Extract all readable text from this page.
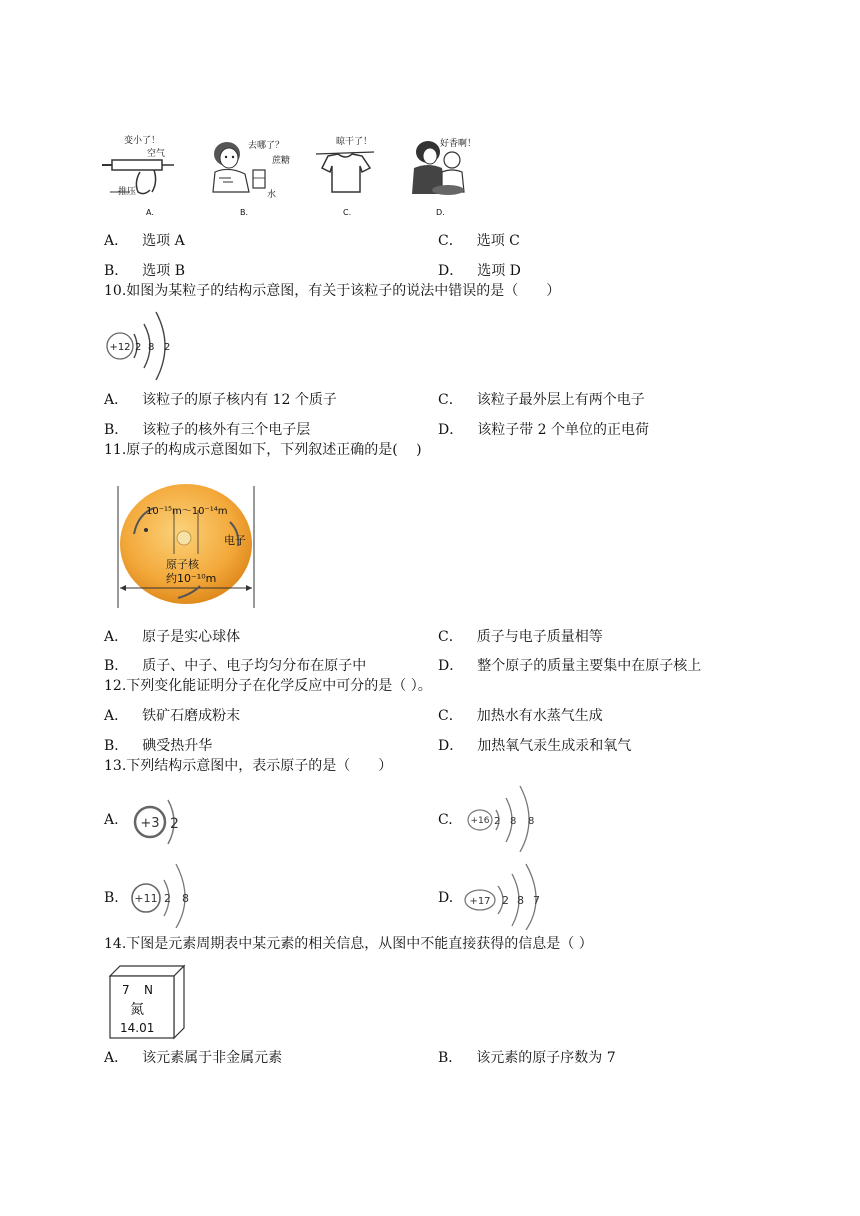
变小了！
空气
推压
A.
去哪了？
蔗糖
水
B.
晾干了！
C.
好香啊！
D.
A． 选项 A	C． 选项 C
B． 选项 B	D． 选项 D
10.如图为某粒子的结构示意图，有关于该粒子的说法中错误的是（　　）
+12 2 8 2
A． 该粒子的原子核内有 12 个质子	C． 该粒子最外层上有两个电子
B． 该粒子的核外有三个电子层	D． 该粒子带 2 个单位的正电荷
11.原子的构成示意图如下，下列叙述正确的是(　 )
10⁻¹⁵m～10⁻¹⁴m
电子
原子核
约10⁻¹⁰m
A． 原子是实心球体	C． 质子与电子质量相等
B． 质子、中子、电子均匀分布在原子中	D． 整个原子的质量主要集中在原子核上
12.下列变化能证明分子在化学反应中可分的是（ ）。
A． 铁矿石磨成粉末	C． 加热水有水蒸气生成
B． 碘受热升华	D． 加热氧气汞生成汞和氧气
13.下列结构示意图中，表示原子的是（　　）
A. +3 2	C. +16 2 8 8
B. +11 2 8	D. +17 2 8 7
14.下图是元素周期表中某元素的相关信息，从图中不能直接获得的信息是（ ）
7 N
氮
14.01
A． 该元素属于非金属元素	B． 该元素的原子序数为 7
